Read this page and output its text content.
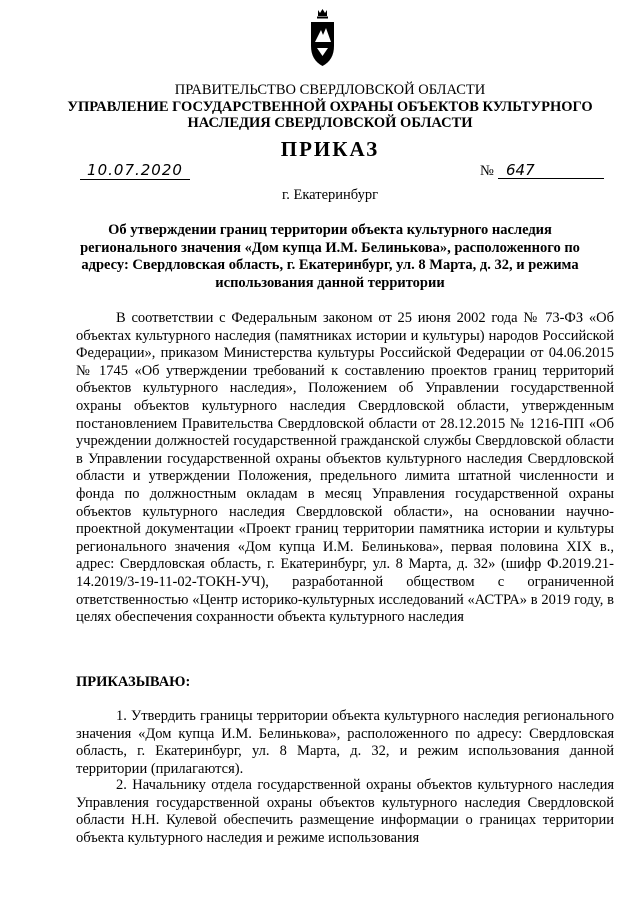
ПРАВИТЕЛЬСТВО СВЕРДЛОВСКОЙ ОБЛАСТИ
УПРАВЛЕНИЕ ГОСУДАРСТВЕННОЙ ОХРАНЫ ОБЪЕКТОВ КУЛЬТУРНОГО НАСЛЕДИЯ СВЕРДЛОВСКОЙ ОБЛАСТИ
ПРИКАЗ
10.07.2020	№ 647
г. Екатеринбург
Об утверждении границ территории объекта культурного наследия регионального значения «Дом купца И.М. Белинькова», расположенного по адресу: Свердловская область, г. Екатеринбург, ул. 8 Марта, д. 32, и режима использования данной территории
В соответствии с Федеральным законом от 25 июня 2002 года № 73-ФЗ «Об объектах культурного наследия (памятниках истории и культуры) народов Российской Федерации», приказом Министерства культуры Российской Федерации от 04.06.2015 № 1745 «Об утверждении требований к составлению проектов границ территорий объектов культурного наследия», Положением об Управлении государственной охраны объектов культурного наследия Свердловской области, утвержденным постановлением Правительства Свердловской области от 28.12.2015 № 1216-ПП «Об учреждении должностей государственной гражданской службы Свердловской области в Управлении государственной охраны объектов культурного наследия Свердловской области и утверждении Положения, предельного лимита штатной численности и фонда по должностным окладам в месяц Управления государственной охраны объектов культурного наследия Свердловской области», на основании научно-проектной документации «Проект границ территории памятника истории и культуры регионального значения «Дом купца И.М. Белинькова», первая половина XIX в., адрес: Свердловская область, г. Екатеринбург, ул. 8 Марта, д. 32» (шифр Ф.2019.21-14.2019/3-19-11-02-ТОКН-УЧ), разработанной обществом с ограниченной ответственностью «Центр историко-культурных исследований «АСТРА» в 2019 году, в целях обеспечения сохранности объекта культурного наследия
ПРИКАЗЫВАЮ:
1. Утвердить границы территории объекта культурного наследия регионального значения «Дом купца И.М. Белинькова», расположенного по адресу: Свердловская область, г. Екатеринбург, ул. 8 Марта, д. 32, и режим использования данной территории (прилагаются).
2. Начальнику отдела государственной охраны объектов культурного наследия Управления государственной охраны объектов культурного наследия Свердловской области Н.Н. Кулевой обеспечить размещение информации о границах территории объекта культурного наследия и режиме использования
